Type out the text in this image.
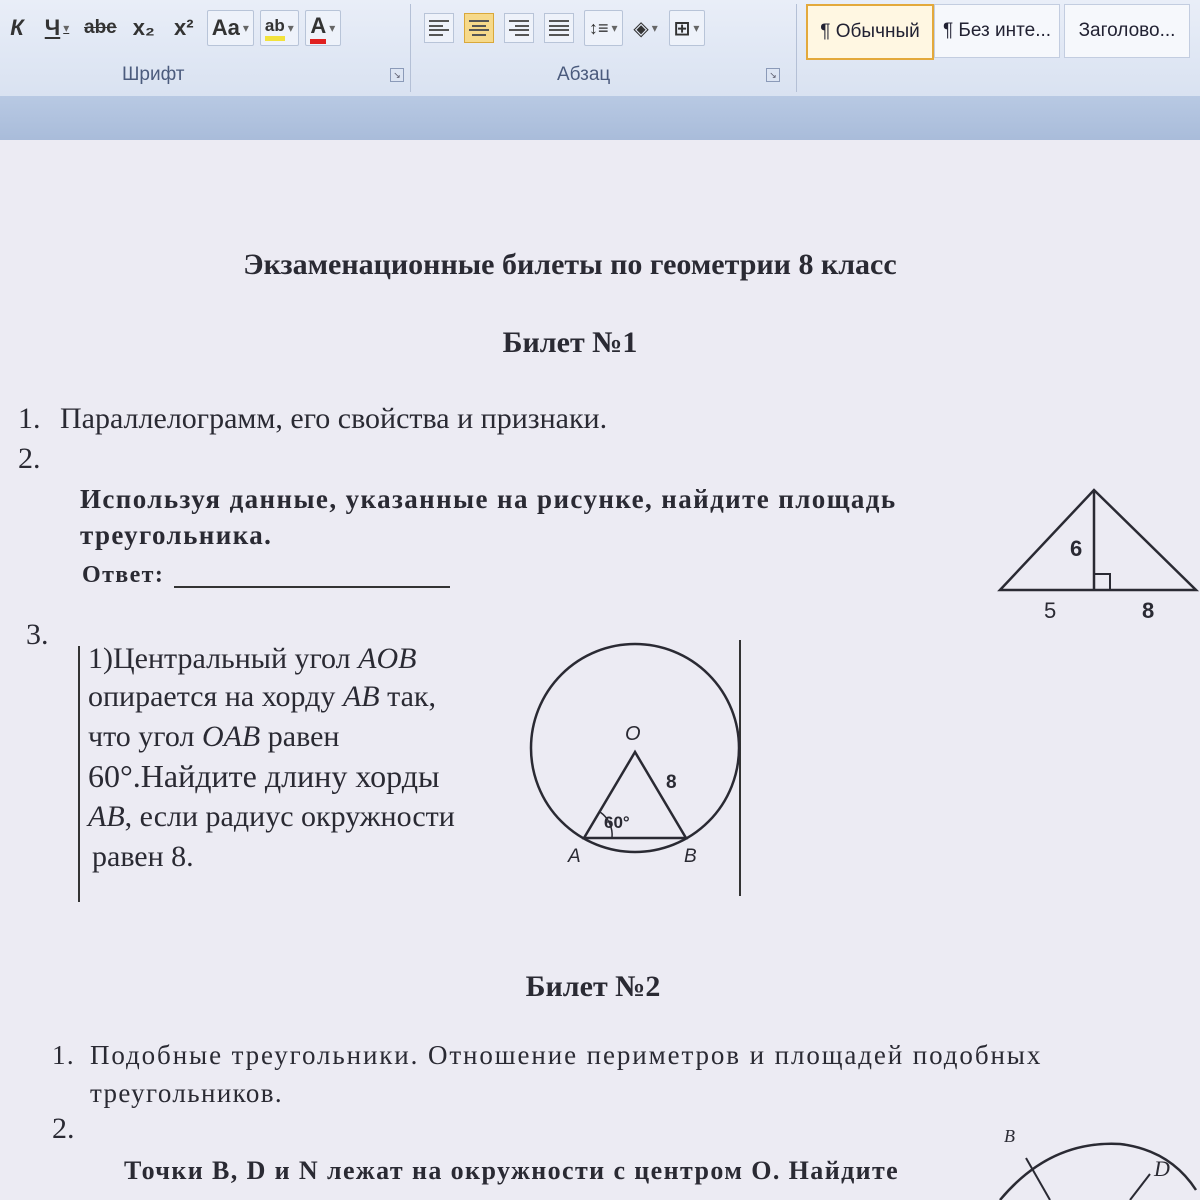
К Ч ▾	abe x₂ x² Aa ▾	ab
▾ A
▾	↕≡ ▾	◈ ▾	⊞ ▾	¶ Обычный	¶ Без инте...	Заголово...
Шрифт	↘	Абзац	↘
Экзаменационные билеты по геометрии 8 класс
Билет №1
1. Параллелограмм, его свойства и признаки.
2.
Используя данные, указанные на рисунке, найдите площадь
треугольника.
Ответ:
6
5	8
3.
1)Центральный угол AOB
опирается на хорду AB так,
что угол OAB равен
60°.Найдите длину хорды
AB, если радиус окружности
равен 8.
O
8
60°
A	B
Билет №2
1. Подобные треугольники. Отношение периметров и площадей подобных
треугольников.
2.
Точки B, D и N лежат на окружности с центром O. Найдите
B
D
